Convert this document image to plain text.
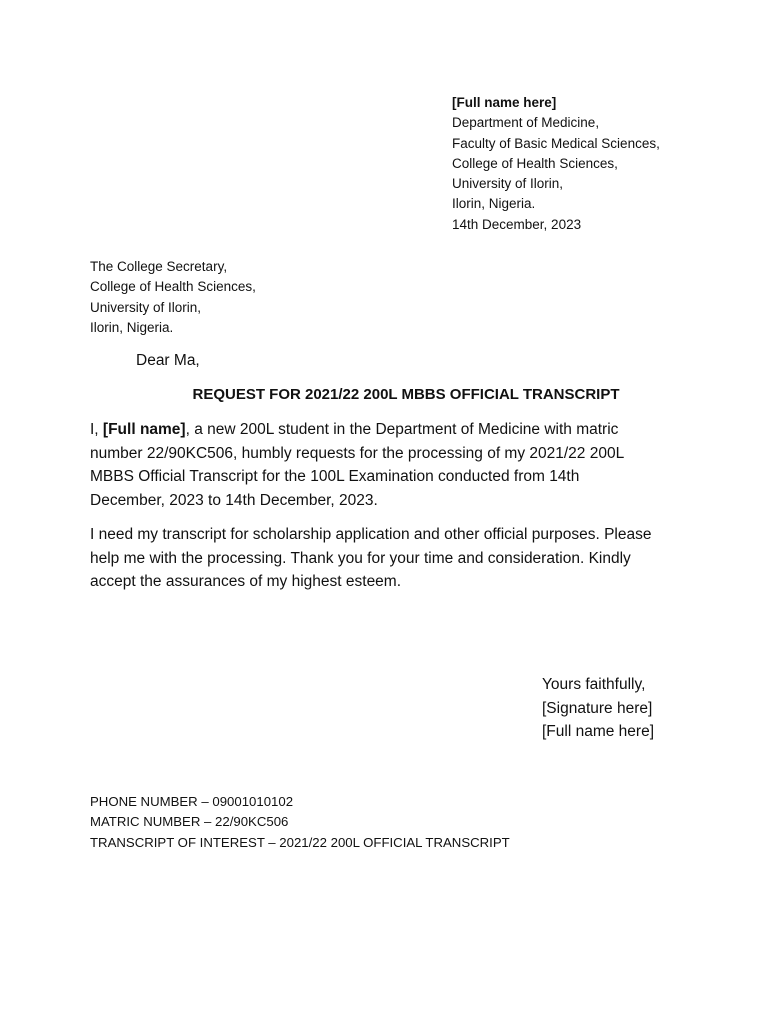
[Full name here]
Department of Medicine,
Faculty of Basic Medical Sciences,
College of Health Sciences,
University of Ilorin,
Ilorin, Nigeria.
14th December, 2023
The College Secretary,
College of Health Sciences,
University of Ilorin,
Ilorin, Nigeria.
Dear Ma,
REQUEST FOR 2021/22 200L MBBS OFFICIAL TRANSCRIPT
I, [Full name], a new 200L student in the Department of Medicine with matric
number 22/90KC506, humbly requests for the processing of my 2021/22 200L
MBBS Official Transcript for the 100L Examination conducted from 14th
December, 2023 to 14th December, 2023.
I need my transcript for scholarship application and other official purposes. Please
help me with the processing. Thank you for your time and consideration. Kindly
accept the assurances of my highest esteem.
Yours faithfully,
[Signature here]
[Full name here]
PHONE NUMBER – 09001010102
MATRIC NUMBER – 22/90KC506
TRANSCRIPT OF INTEREST – 2021/22 200L OFFICIAL TRANSCRIPT
